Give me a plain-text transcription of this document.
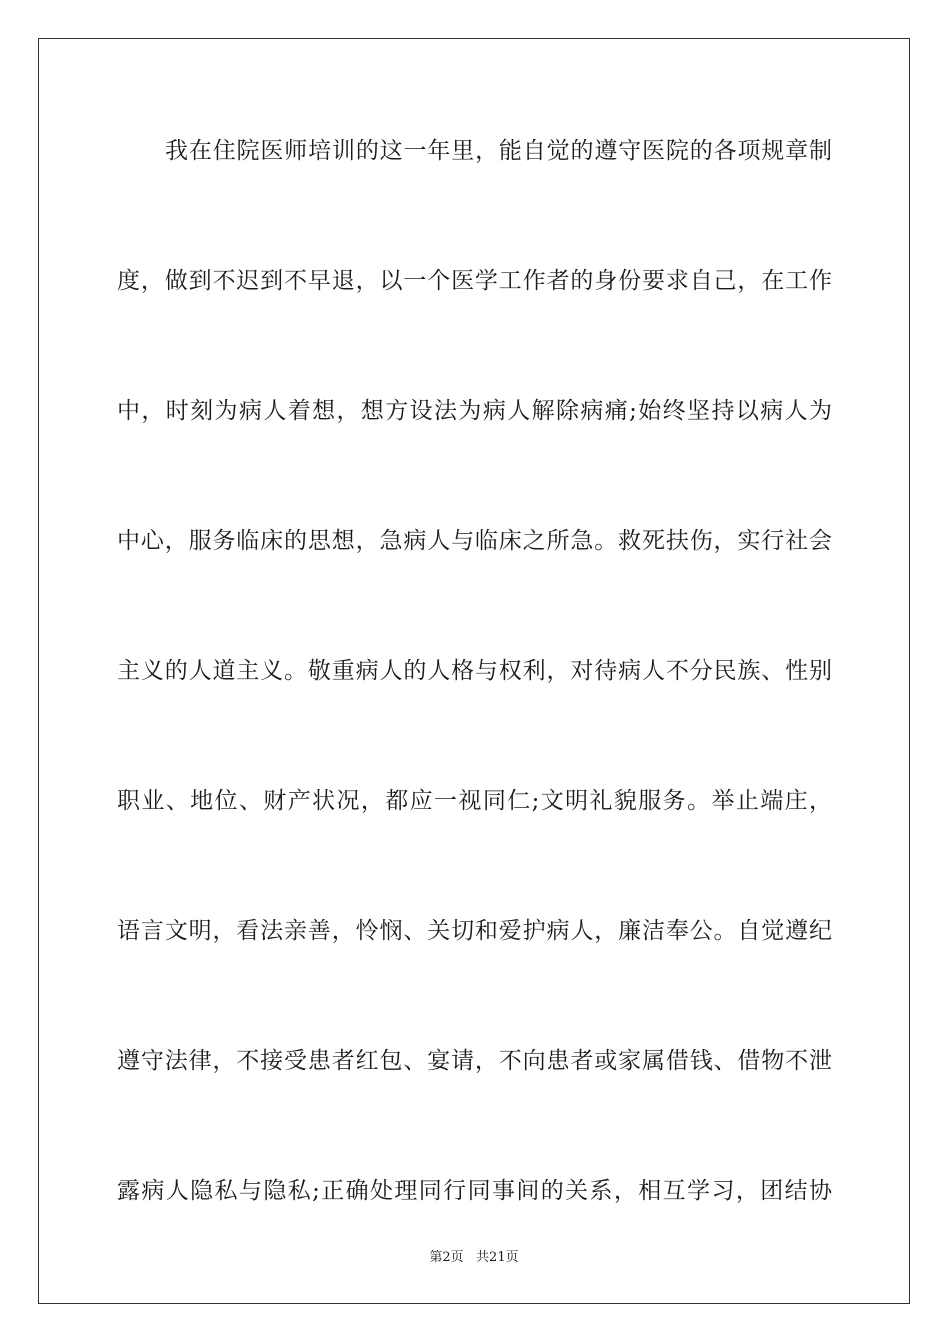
我在住院医师培训的这一年里，能自觉的遵守医院的各项规章制
度，做到不迟到不早退，以一个医学工作者的身份要求自己，在工作
中，时刻为病人着想，想方设法为病人解除病痛;始终坚持以病人为
中心，服务临床的思想，急病人与临床之所急。救死扶伤，实行社会
主义的人道主义。敬重病人的人格与权利，对待病人不分民族、性别
职业、地位、财产状况，都应一视同仁;文明礼貌服务。举止端庄，
语言文明，看法亲善，怜悯、关切和爱护病人，廉洁奉公。自觉遵纪
遵守法律，不接受患者红包、宴请，不向患者或家属借钱、借物不泄
露病人隐私与隐私;正确处理同行同事间的关系，相互学习，团结协
第2页   共21页
